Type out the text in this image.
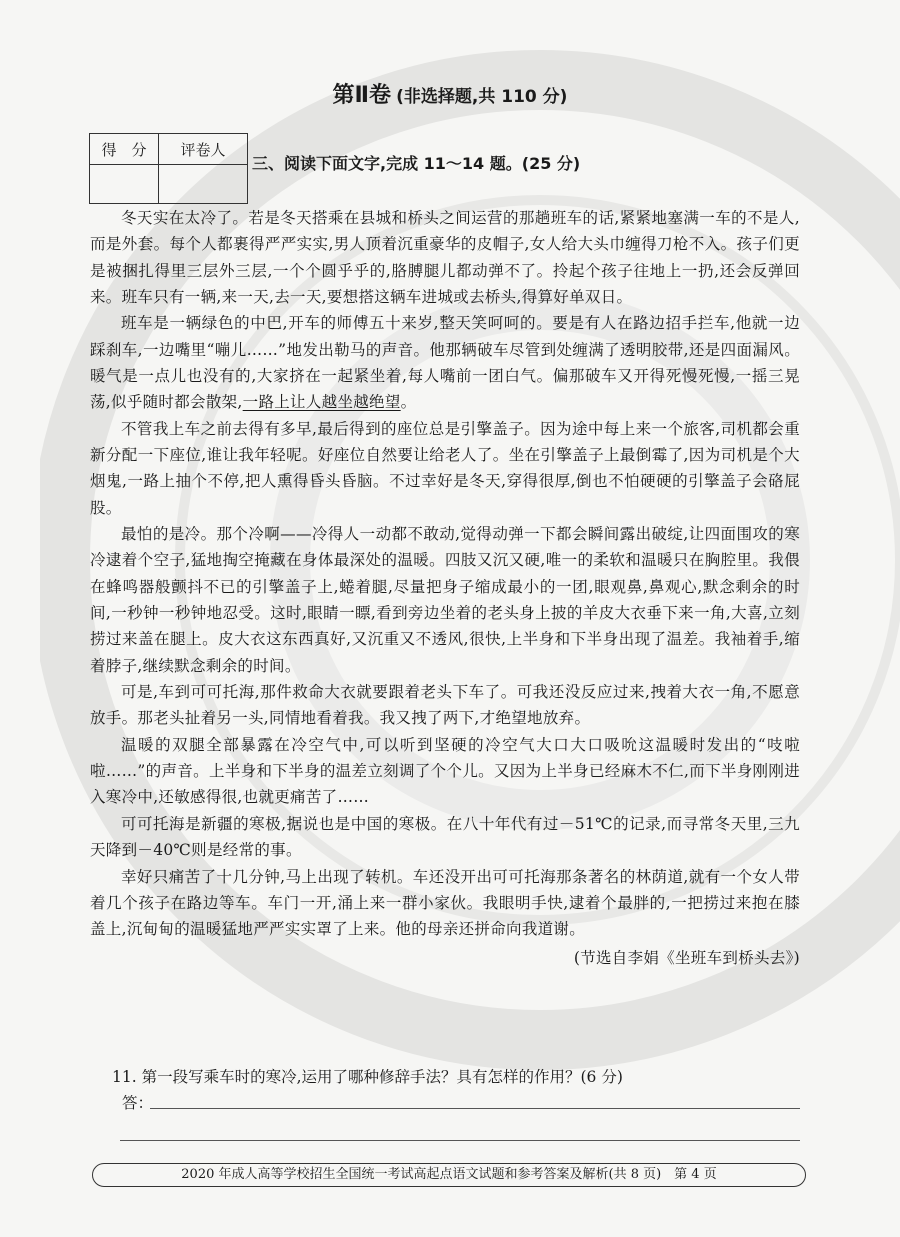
第Ⅱ卷 (非选择题,共 110 分)
得　分	评卷人

三、阅读下面文字,完成 11～14 题。(25 分)

冬天实在太冷了。若是冬天搭乘在县城和桥头之间运营的那趟班车的话,紧紧地塞满一车的不是人,而是外套。每个人都裹得严严实实,男人顶着沉重豪华的皮帽子,女人给大头巾缠得刀枪不入。孩子们更是被捆扎得里三层外三层,一个个圆乎乎的,胳膊腿儿都动弹不了。拎起个孩子往地上一扔,还会反弹回来。班车只有一辆,来一天,去一天,要想搭这辆车进城或去桥头,得算好单双日。

班车是一辆绿色的中巴,开车的师傅五十来岁,整天笑呵呵的。要是有人在路边招手拦车,他就一边踩刹车,一边嘴里“嘣儿……”地发出勒马的声音。他那辆破车尽管到处缠满了透明胶带,还是四面漏风。暖气是一点儿也没有的,大家挤在一起紧坐着,每人嘴前一团白气。偏那破车又开得死慢死慢,一摇三晃荡,似乎随时都会散架,一路上让人越坐越绝望。

不管我上车之前去得有多早,最后得到的座位总是引擎盖子。因为途中每上来一个旅客,司机都会重新分配一下座位,谁让我年轻呢。好座位自然要让给老人了。坐在引擎盖子上最倒霉了,因为司机是个大烟鬼,一路上抽个不停,把人熏得昏头昏脑。不过幸好是冬天,穿得很厚,倒也不怕硬硬的引擎盖子会硌屁股。

最怕的是冷。那个冷啊——冷得人一动都不敢动,觉得动弹一下都会瞬间露出破绽,让四面围攻的寒冷逮着个空子,猛地掏空掩藏在身体最深处的温暖。四肢又沉又硬,唯一的柔软和温暖只在胸腔里。我偎在蜂鸣器般颤抖不已的引擎盖子上,蜷着腿,尽量把身子缩成最小的一团,眼观鼻,鼻观心,默念剩余的时间,一秒钟一秒钟地忍受。这时,眼睛一瞟,看到旁边坐着的老头身上披的羊皮大衣垂下来一角,大喜,立刻捞过来盖在腿上。皮大衣这东西真好,又沉重又不透风,很快,上半身和下半身出现了温差。我袖着手,缩着脖子,继续默念剩余的时间。

可是,车到可可托海,那件救命大衣就要跟着老头下车了。可我还没反应过来,拽着大衣一角,不愿意放手。那老头扯着另一头,同情地看着我。我又拽了两下,才绝望地放弃。

温暖的双腿全部暴露在冷空气中,可以听到坚硬的冷空气大口大口吸吮这温暖时发出的“吱啦啦……”的声音。上半身和下半身的温差立刻调了个个儿。又因为上半身已经麻木不仁,而下半身刚刚进入寒冷中,还敏感得很,也就更痛苦了……

可可托海是新疆的寒极,据说也是中国的寒极。在八十年代有过－51℃的记录,而寻常冬天里,三九天降到－40℃则是经常的事。

幸好只痛苦了十几分钟,马上出现了转机。车还没开出可可托海那条著名的林荫道,就有一个女人带着几个孩子在路边等车。车门一开,涌上来一群小家伙。我眼明手快,逮着个最胖的,一把捞过来抱在膝盖上,沉甸甸的温暖猛地严严实实罩了上来。他的母亲还拼命向我道谢。

(节选自李娟《坐班车到桥头去》)

11. 第一段写乘车时的寒冷,运用了哪种修辞手法？具有怎样的作用？(6 分)
答：
2020 年成人高等学校招生全国统一考试高起点语文试题和参考答案及解析(共 8 页)　第 4 页
